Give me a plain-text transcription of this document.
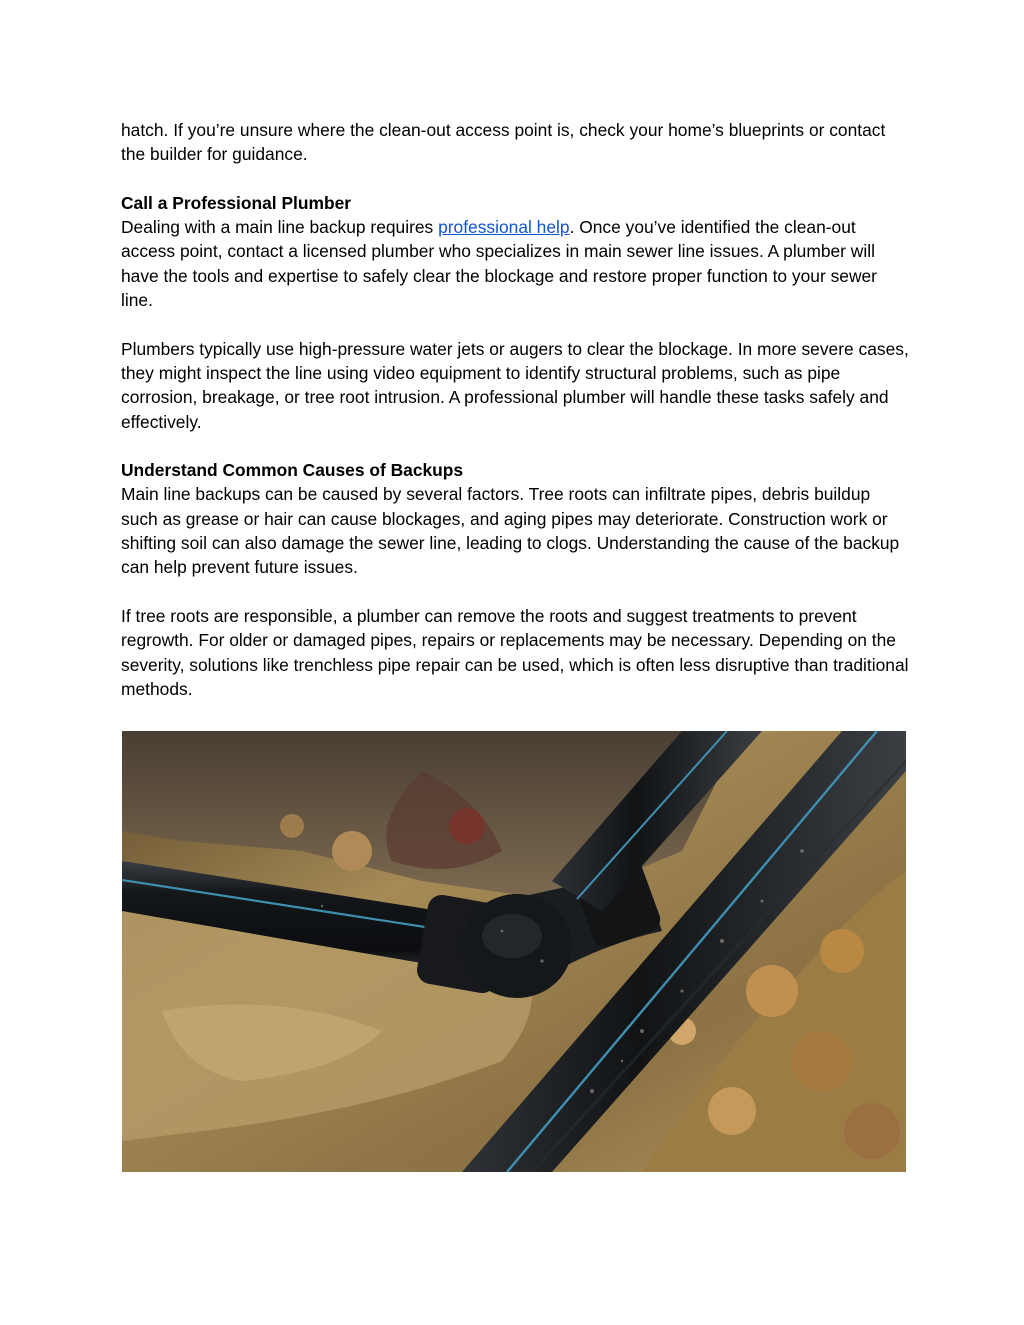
hatch. If you’re unsure where the clean-out access point is, check your home’s blueprints or contact the builder for guidance.

Call a Professional Plumber

Dealing with a main line backup requires professional help. Once you’ve identified the clean-out access point, contact a licensed plumber who specializes in main sewer line issues. A plumber will have the tools and expertise to safely clear the blockage and restore proper function to your sewer line.

Plumbers typically use high-pressure water jets or augers to clear the blockage. In more severe cases, they might inspect the line using video equipment to identify structural problems, such as pipe corrosion, breakage, or tree root intrusion. A professional plumber will handle these tasks safely and effectively.

Understand Common Causes of Backups

Main line backups can be caused by several factors. Tree roots can infiltrate pipes, debris buildup such as grease or hair can cause blockages, and aging pipes may deteriorate. Construction work or shifting soil can also damage the sewer line, leading to clogs. Understanding the cause of the backup can help prevent future issues.

If tree roots are responsible, a plumber can remove the roots and suggest treatments to prevent regrowth. For older or damaged pipes, repairs or replacements may be necessary. Depending on the severity, solutions like trenchless pipe repair can be used, which is often less disruptive than traditional methods.
